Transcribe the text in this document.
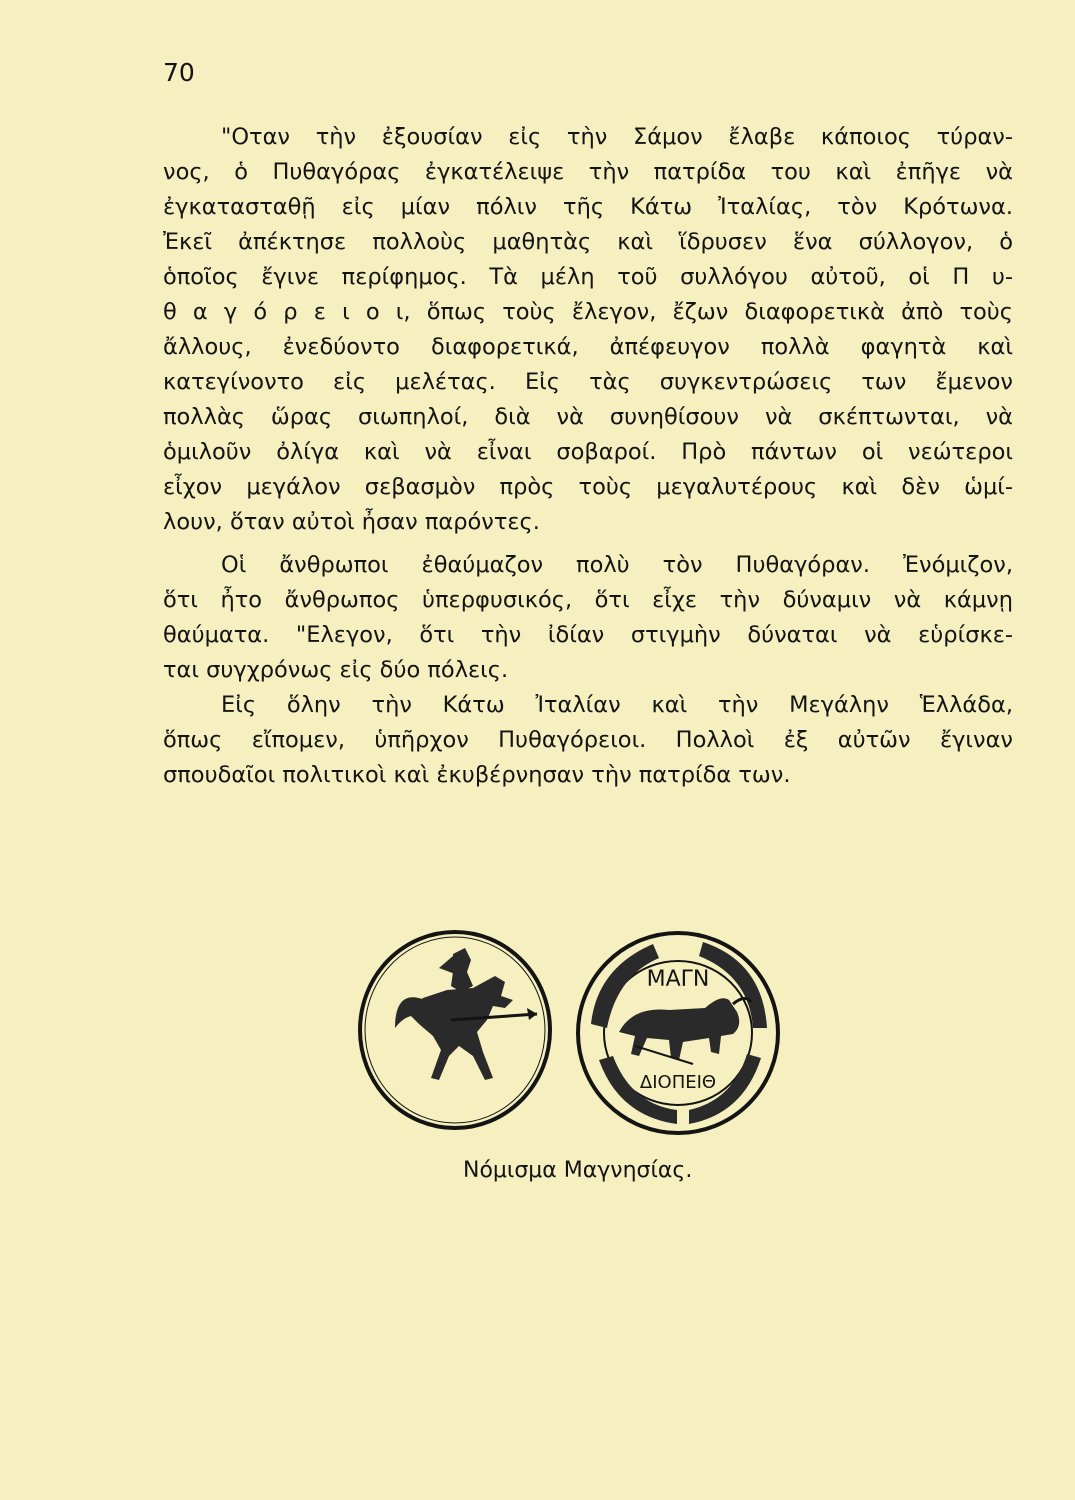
70
"Οταν τὴν ἐξουσίαν εἰς τὴν Σάμον ἔλαβε κάποιος τύραν-
νος, ὁ Πυθαγόρας ἐγκατέλειψε τὴν πατρίδα του καὶ ἐπῆγε νὰ
ἐγκατασταθῇ εἰς μίαν πόλιν τῆς Κάτω Ἰταλίας, τὸν Κρότωνα.
Ἐκεῖ ἀπέκτησε πολλοὺς μαθητὰς καὶ ἵδρυσεν ἕνα σύλλογον, ὁ
ὁποῖος ἔγινε περίφημος. Τὰ μέλη τοῦ συλλόγου αὐτοῦ, οἱ Π υ-
θ α γ ό ρ ε ι ο ι, ὅπως τοὺς ἔλεγον, ἔζων διαφορετικὰ ἀπὸ τοὺς
ἄλλους, ἐνεδύοντο διαφορετικά, ἀπέφευγον πολλὰ φαγητὰ καὶ
κατεγίνοντο εἰς μελέτας. Εἰς τὰς συγκεντρώσεις των ἔμενον
πολλὰς ὥρας σιωπηλοί, διὰ νὰ συνηθίσουν νὰ σκέπτωνται, νὰ
ὁμιλοῦν ὀλίγα καὶ νὰ εἶναι σοβαροί. Πρὸ πάντων οἱ νεώτεροι
εἶχον μεγάλον σεβασμὸν πρὸς τοὺς μεγαλυτέρους καὶ δὲν ὡμί-
λουν, ὅταν αὐτοὶ ἦσαν παρόντες.
Οἱ ἄνθρωποι ἐθαύμαζον πολὺ τὸν Πυθαγόραν. Ἐνόμιζον,
ὅτι ἦτο ἄνθρωπος ὑπερφυσικός, ὅτι εἶχε τὴν δύναμιν νὰ κάμνῃ
θαύματα. "Ελεγον, ὅτι τὴν ἰδίαν στιγμὴν δύναται νὰ εὑρίσκε-
ται συγχρόνως εἰς δύο πόλεις.
Εἰς ὅλην τὴν Κάτω Ἰταλίαν καὶ τὴν Μεγάλην Ἑλλάδα,
ὅπως εἴπομεν, ὑπῆρχον Πυθαγόρειοι. Πολλοὶ ἐξ αὐτῶν ἔγιναν
σπουδαῖοι πολιτικοὶ καὶ ἐκυβέρνησαν τὴν πατρίδα των.
ΜΑΓΝ
ΔΙΟΠΕΙΘ
Νόμισμα Μαγνησίας.
